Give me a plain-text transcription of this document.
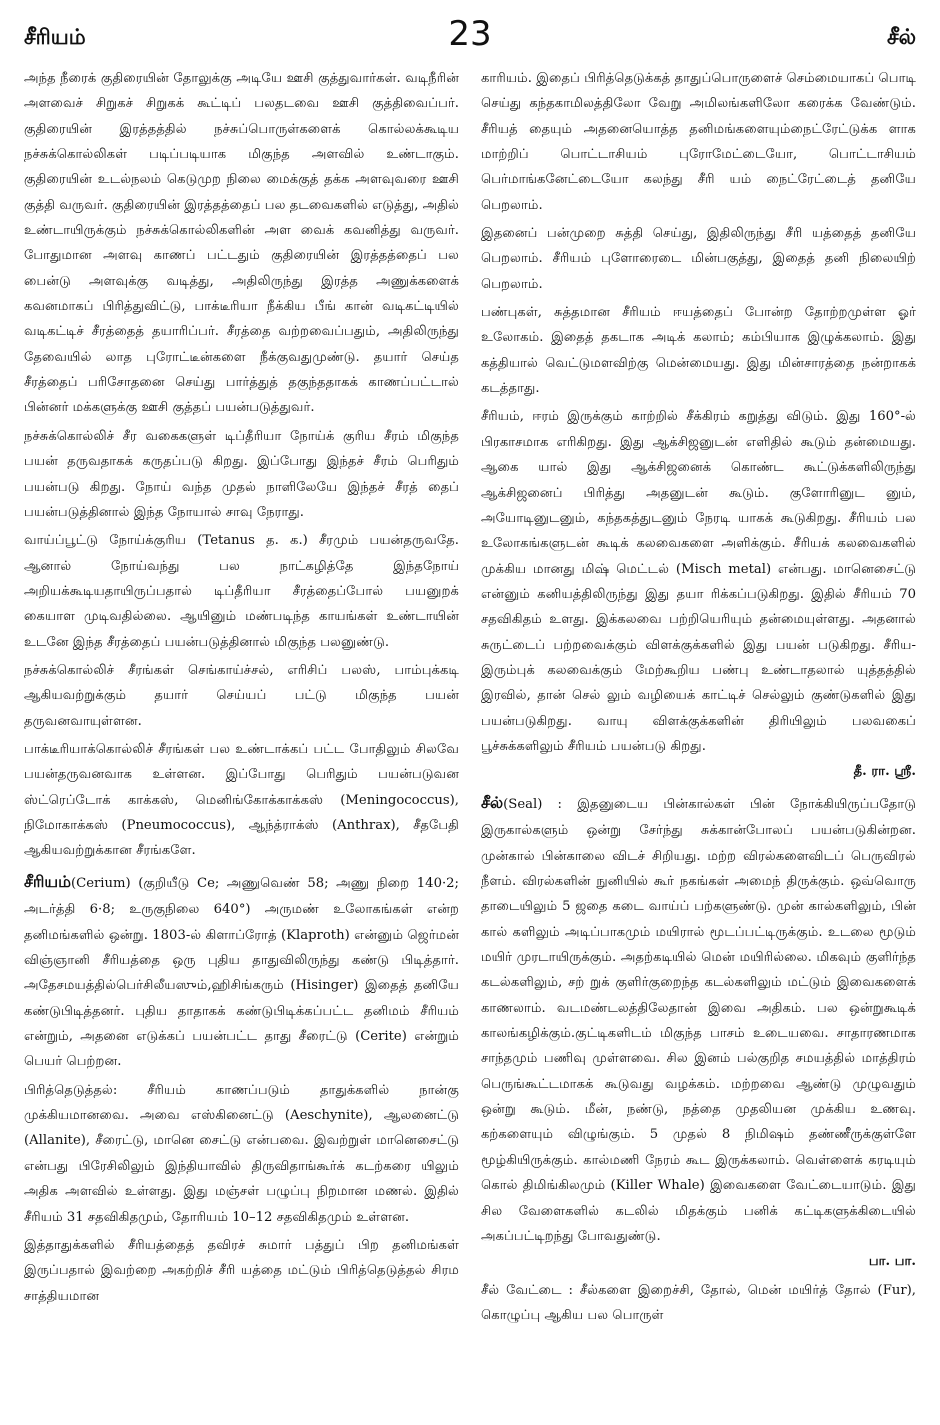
சீரியம்	23	சீல்

அந்த நீரைக் குதிரையின் தோலுக்கு அடியே ஊசி குத்துவார்கள். வடிநீரின் அளவைச் சிறுகச் சிறுகக் கூட்டிப் பலதடவை ஊசி குத்திவைப்பர். குதிரையின் இரத்தத்தில் நச்சுப்பொருள்களைக் கொல்லக்கூடிய நச்சுக்கொல்லிகள் படிப்படியாக மிகுந்த அளவில் உண்டாகும். குதிரையின் உடல்நலம் கெடுமுற நிலை மைக்குத் தக்க அளவுவரை ஊசி குத்தி வருவர். குதிரையின் இரத்தத்தைப் பல தடவைகளில் எடுத்து, அதில் உண்டாயிருக்கும் நச்சுக்கொல்லிகளின் அள வைக் கவனித்து வருவர். போதுமான அளவு காணப் பட்டதும் குதிரையின் இரத்தத்தைப் பல பைன்டு அளவுக்கு வடித்து, அதிலிருந்து இரத்த அணுக்களைக் கவனமாகப் பிரித்துவிட்டு, பாக்டீரியா நீக்கிய பீங் கான் வடிகட்டியில் வடிகட்டிச் சீரத்தைத் தயாரிப்பர். சீரத்தை வற்றவைப்பதும், அதிலிருந்து தேவையில் லாத புரோட்டீன்களை நீக்குவதுமுண்டு. தயார் செய்த சீரத்தைப் பரிசோதனை செய்து பார்த்துத் தகுந்ததாகக் காணப்பட்டால் பின்னர் மக்களுக்கு ஊசி குத்தப் பயன்படுத்துவர்.

நச்சுக்கொல்லிச் சீர வகைகளுள் டிப்தீரியா நோய்க் குரிய சீரம் மிகுந்த பயன் தருவதாகக் கருதப்படு கிறது. இப்போது இந்தச் சீரம் பெரிதும் பயன்படு கிறது. நோய் வந்த முதல் நாளிலேயே இந்தச் சீரத் தைப் பயன்படுத்தினால் இந்த நோயால் சாவு நேராது.

வாய்ப்பூட்டு நோய்க்குரிய (Tetanus த. க.) சீரமும் பயன்தருவதே. ஆனால் நோய்வந்து பல நாட்கழித்தே இந்தநோய் அறியக்கூடியதாயிருப்பதால் டிப்தீரியா சீரத்தைப்போல் பயனுறக் கையாள முடிவதில்லை. ஆயினும் மண்படிந்த காயங்கள் உண்டாயின் உடனே இந்த சீரத்தைப் பயன்படுத்தினால் மிகுந்த பலனுண்டு.

நச்சுக்கொல்லிச் சீரங்கள் செங்காய்ச்சல், எரிசிப் பலஸ், பாம்புக்கடி ஆகியவற்றுக்கும் தயார் செய்யப் பட்டு மிகுந்த பயன் தருவனவாயுள்ளன.

பாக்டீரியாக்கொல்லிச் சீரங்கள் பல உண்டாக்கப் பட்ட போதிலும் சிலவே பயன்தருவனவாக உள்ளன. இப்போது பெரிதும் பயன்படுவன ஸ்ட்ரெப்டோக் காக்கஸ், மெனிங்கோக்காக்கஸ் (Meningococcus), நிமோகாக்கஸ் (Pneumococcus), ஆந்த்ராக்ஸ் (Anthrax), சீதபேதி ஆகியவற்றுக்கான சீரங்களே.

சீரியம்(Cerium) (குறியீடு Ce; அணுவெண் 58; அணு நிறை 140·2; அடர்த்தி 6·8; உருகுநிலை 640°) அருமண் உலோகங்கள் என்ற தனிமங்களில் ஒன்று. 1803-ல் கிளாப்ரோத் (Klaproth) என்னும் ஜெர்மன் விஞ்ஞானி சீரியத்தை ஒரு புதிய தாதுவிலிருந்து கண்டு பிடித்தார். அதேசமயத்தில்பெர்சிலீயஸும்,ஹிசிங்கரும் (Hisinger) இதைத் தனியே கண்டுபிடித்தனர். புதிய தாதாகக் கண்டுபிடிக்கப்பட்ட தனிமம் சீரியம் என்றும், அதனை எடுக்கப் பயன்பட்ட தாது சீரைட்டு (Cerite) என்றும் பெயர் பெற்றன.

பிரித்தெடுத்தல்: சீரியம் காணப்படும் தாதுக்களில் நான்கு முக்கியமானவை. அவை எஸ்கினைட்டு (Aeschynite), ஆலனைட்டு (Allanite), சீரைட்டு, மானெ சைட்டு என்பவை. இவற்றுள் மானெசைட்டு என்பது பிரேசிலிலும் இந்தியாவில் திருவிதாங்கூர்க் கடற்கரை யிலும் அதிக அளவில் உள்ளது. இது மஞ்சள் பழுப்பு நிறமான மணல். இதில் சீரியம் 31 சதவிகிதமும், தோரியம் 10–12 சதவிகிதமும் உள்ளன.

இத்தாதுக்களில் சீரியத்தைத் தவிரச் சுமார் பத்துப் பிற தனிமங்கள் இருப்பதால் இவற்றை அகற்றிச் சீரி யத்தை மட்டும் பிரித்தெடுத்தல் சிரம சாத்தியமான

காரியம். இதைப் பிரித்தெடுக்கத் தாதுப்பொருளைச் செம்மையாகப் பொடி செய்து கந்தகாமிலத்திலோ வேறு அமிலங்களிலோ கரைக்க வேண்டும். சீரியத் தையும் அதனையொத்த தனிமங்களையும்நைட்ரேட்டுக்க ளாக மாற்றிப் பொட்டாசியம் புரோமேட்டையோ, பொட்டாசியம் பெர்மாங்கனேட்டையோ கலந்து சீரி யம் நைட்ரேட்டைத் தனியே பெறலாம்.

இதனைப் பன்முறை சுத்தி செய்து, இதிலிருந்து சீரி யத்தைத் தனியே பெறலாம். சீரியம் புளோரைடை மின்பகுத்து, இதைத் தனி நிலையிற் பெறலாம்.

பண்புகள், சுத்தமான சீரியம் ஈயத்தைப் போன்ற தோற்றமுள்ள ஓர் உலோகம். இதைத் தகடாக அடிக் கலாம்; கம்பியாக இழுக்கலாம். இது கத்தியால் வெட்டுமளவிற்கு மென்மையது. இது மின்சாரத்தை நன்றாகக் கடத்தாது.

சீரியம், ஈரம் இருக்கும் காற்றில் சீக்கிரம் கறுத்து விடும். இது 160°-ல் பிரகாசமாக எரிகிறது. இது ஆக்சிஜனுடன் எளிதில் கூடும் தன்மையது. ஆகை யால் இது ஆக்சிஜனைக் கொண்ட கூட்டுக்களிலிருந்து ஆக்சிஜனைப் பிரித்து அதனுடன் கூடும். குளோரினுட னும், அயோடினுடனும், கந்தகத்துடனும் நேரடி யாகக் கூடுகிறது. சீரியம் பல உலோகங்களுடன் கூடிக் கலவைகளை அளிக்கும். சீரியக் கலவைகளில் முக்கிய மானது மிஷ் மெட்டல் (Misch metal) என்பது. மானெசைட்டு என்னும் கனியத்திலிருந்து இது தயா ரிக்கப்படுகிறது. இதில் சீரியம் 70 சதவிகிதம் உளது. இக்கலவை பற்றியெரியும் தன்மையுள்ளது. அதனால் சுருட்டைப் பற்றவைக்கும் விளக்குக்களில் இது பயன் படுகிறது. சீரிய-இரும்புக் கலவைக்கும் மேற்கூறிய பண்பு உண்டாதலால் யுத்தத்தில் இரவில், தான் செல் லும் வழியைக் காட்டிச் செல்லும் குண்டுகளில் இது பயன்படுகிறது. வாயு விளக்குக்களின் திரியிலும் பலவகைப் பூச்சுக்களிலும் சீரியம் பயன்படு கிறது.
தீ. ரா. ஸ்ரீ.

சீல்(Seal) : இதனுடைய பின்கால்கள் பின் நோக்கியிருப்பதோடு இருகால்களும் ஒன்று சேர்ந்து சுக்கான்போலப் பயன்படுகின்றன. முன்கால் பின்காலை விடச் சிறியது. மற்ற விரல்களைவிடப் பெருவிரல் நீளம். விரல்களின் நுனியில் கூர் நகங்கள் அமைந் திருக்கும். ஒவ்வொரு தாடையிலும் 5 ஜதை கடை வாய்ப் பற்களுண்டு. முன் கால்களிலும், பின் கால் களிலும் அடிப்பாகமும் மயிரால் மூடப்பட்டிருக்கும். உடலை மூடும் மயிர் முரடாயிருக்கும். அதற்கடியில் மென் மயிரில்லை. மிகவும் குளிர்ந்த கடல்களிலும், சற் றுக் குளிர்குறைந்த கடல்களிலும் மட்டும் இவைகளைக் காணலாம். வடமண்டலத்திலேதான் இவை அதிகம். பல ஒன்றுகூடிக் காலங்கழிக்கும்.குட்டிகளிடம் மிகுந்த பாசம் உடையவை. சாதாரணமாக சாந்தமும் பணிவு முள்ளவை. சில இனம் பல்குறித சமயத்தில் மாத்திரம் பெருங்கூட்டமாகக் கூடுவது வழக்கம். மற்றவை ஆண்டு முழுவதும் ஒன்று கூடும். மீன், நண்டு, நத்தை முதலியன முக்கிய உணவு. கற்களையும் விழுங்கும். 5 முதல் 8 நிமிஷம் தண்ணீருக்குள்ளே மூழ்கியிருக்கும். கால்மணி நேரம் கூட இருக்கலாம். வெள்ளைக் கரடியும் கொல் திமிங்கிலமும் (Killer Whale) இவைகளை வேட்டையாடும். இது சில வேளைகளில் கடலில் மிதக்கும் பனிக் கட்டிகளுக்கிடையில் அகப்பட்டிறந்து போவதுண்டு.
பா. பா.

சீல் வேட்டை : சீல்களை இறைச்சி, தோல், மென் மயிர்த் தோல் (Fur), கொழுப்பு ஆகிய பல பொருள்
